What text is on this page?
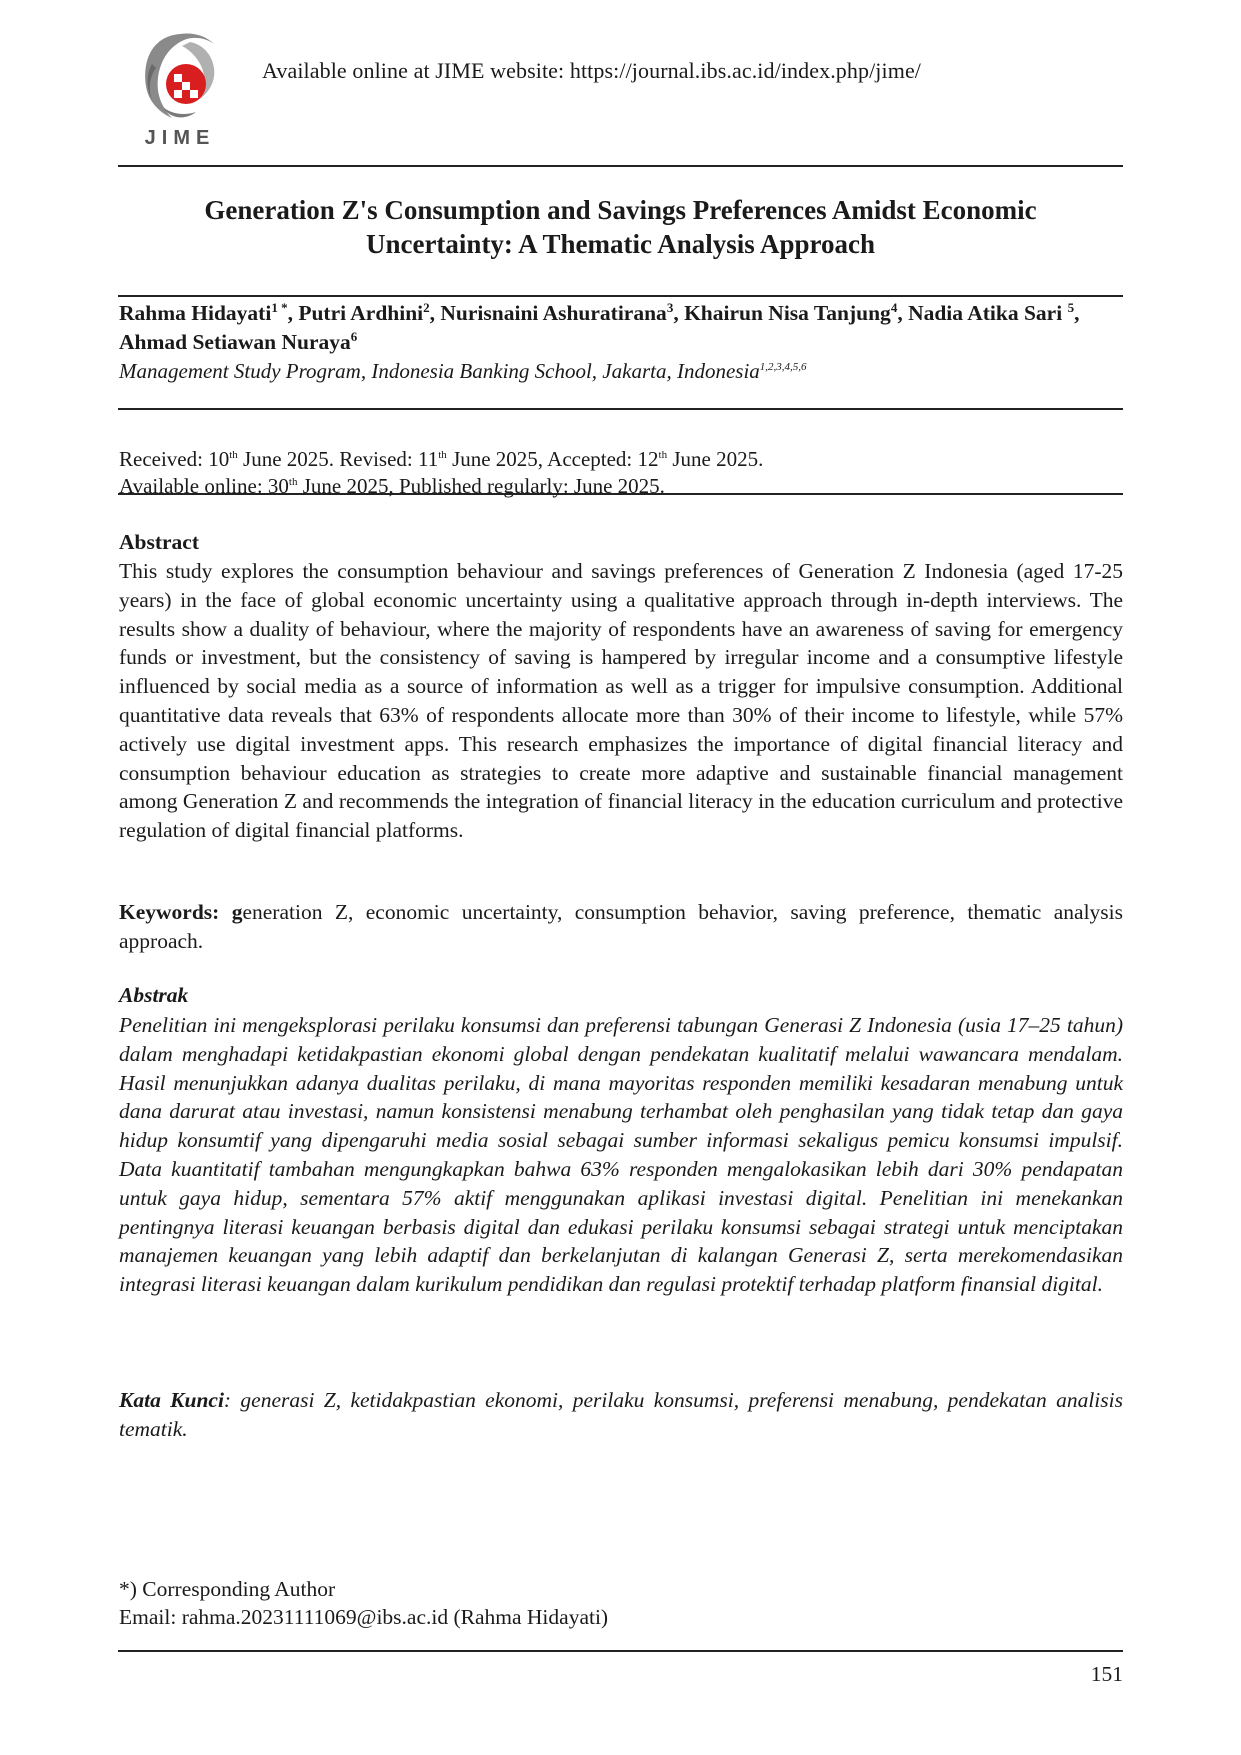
JIME
Available online at JIME website: https://journal.ibs.ac.id/index.php/jime/
Generation Z's Consumption and Savings Preferences Amidst Economic
Uncertainty: A Thematic Analysis Approach
Rahma Hidayati$^{1 *}$, Putri Ardhini$^2$, Nurisnaini Ashuratirana$^3$, Khairun Nisa Tanjung$^4$, Nadia Atika Sari $^5$, Ahmad Setiawan Nuraya$^6$
Management Study Program, Indonesia Banking School, Jakarta, Indonesia$^{1,2,3,4,5,6}$
Received: 10th June 2025. Revised: 11th June 2025, Accepted: 12th June 2025.
Available online: 30th June 2025, Published regularly: June 2025.
Abstract
This study explores the consumption behaviour and savings preferences of Generation Z Indonesia (aged 17-25 years) in the face of global economic uncertainty using a qualitative approach through in-depth interviews. The results show a duality of behaviour, where the majority of respondents have an awareness of saving for emergency funds or investment, but the consistency of saving is hampered by irregular income and a consumptive lifestyle influenced by social media as a source of information as well as a trigger for impulsive consumption. Additional quantitative data reveals that 63% of respondents allocate more than 30% of their income to lifestyle, while 57% actively use digital investment apps. This research emphasizes the importance of digital financial literacy and consumption behaviour education as strategies to create more adaptive and sustainable financial management among Generation Z and recommends the integration of financial literacy in the education curriculum and protective regulation of digital financial platforms.
Keywords: generation Z, economic uncertainty, consumption behavior, saving preference, thematic analysis approach.
Abstrak
Penelitian ini mengeksplorasi perilaku konsumsi dan preferensi tabungan Generasi Z Indonesia (usia 17–25 tahun) dalam menghadapi ketidakpastian ekonomi global dengan pendekatan kualitatif melalui wawancara mendalam. Hasil menunjukkan adanya dualitas perilaku, di mana mayoritas responden memiliki kesadaran menabung untuk dana darurat atau investasi, namun konsistensi menabung terhambat oleh penghasilan yang tidak tetap dan gaya hidup konsumtif yang dipengaruhi media sosial sebagai sumber informasi sekaligus pemicu konsumsi impulsif. Data kuantitatif tambahan mengungkapkan bahwa 63% responden mengalokasikan lebih dari 30% pendapatan untuk gaya hidup, sementara 57% aktif menggunakan aplikasi investasi digital. Penelitian ini menekankan pentingnya literasi keuangan berbasis digital dan edukasi perilaku konsumsi sebagai strategi untuk menciptakan manajemen keuangan yang lebih adaptif dan berkelanjutan di kalangan Generasi Z, serta merekomendasikan integrasi literasi keuangan dalam kurikulum pendidikan dan regulasi protektif terhadap platform finansial digital.
Kata Kunci: generasi Z, ketidakpastian ekonomi, perilaku konsumsi, preferensi menabung, pendekatan analisis tematik.
*) Corresponding Author
Email: rahma.20231111069@ibs.ac.id (Rahma Hidayati)
151
